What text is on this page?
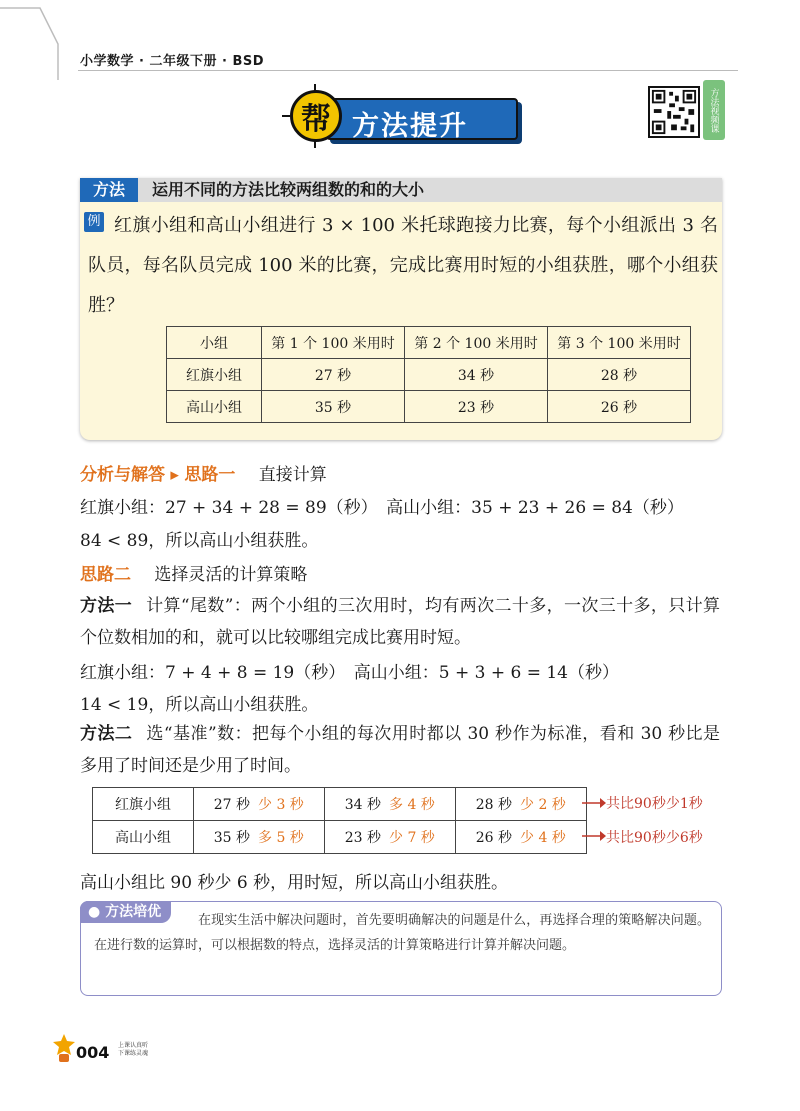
小学数学 · 二年级下册 · BSD
方法提升
帮	方法视频课
方法	运用不同的方法比较两组数的和的大小
红旗小组和高山小组进行 3 × 100 米托球跑接力比赛，每个小组派出 3 名队员，每名队员完成 100 米的比赛，完成比赛用时短的小组获胜，哪个小组获胜？
例
小组	第 1 个 100 米用时	第 2 个 100 米用时	第 3 个 100 米用时
红旗小组	27 秒	34 秒	28 秒
高山小组	35 秒	23 秒	26 秒
分析与解答 ▸ 思路一 直接计算
红旗小组：27 + 34 + 28 = 89（秒）　高山小组：35 + 23 + 26 = 84（秒）
84 < 89，所以高山小组获胜。
思路二 选择灵活的计算策略
方法一 计算“尾数”：两个小组的三次用时，均有两次二十多，一次三十多，只计算个位数相加的和，就可以比较哪组完成比赛用时短。
红旗小组：7 + 4 + 8 = 19（秒）　高山小组：5 + 3 + 6 = 14（秒）
14 < 19，所以高山小组获胜。
方法二 选“基准”数：把每个小组的每次用时都以 30 秒作为标准，看和 30 秒比是多用了时间还是少用了时间。
红旗小组	27 秒 少 3 秒	34 秒 多 4 秒	28 秒 少 2 秒
高山小组	35 秒 多 5 秒	23 秒 少 7 秒	26 秒 少 4 秒
共比90秒少1秒
共比90秒少6秒
高山小组比 90 秒少 6 秒，用时短，所以高山小组获胜。
在现实生活中解决问题时，首先要明确解决的问题是什么，再选择合理的策略解决问题。在进行数的运算时，可以根据数的特点，选择灵活的计算策略进行计算并解决问题。
● 方法培优
004 上课认真听
下课练灵魂
